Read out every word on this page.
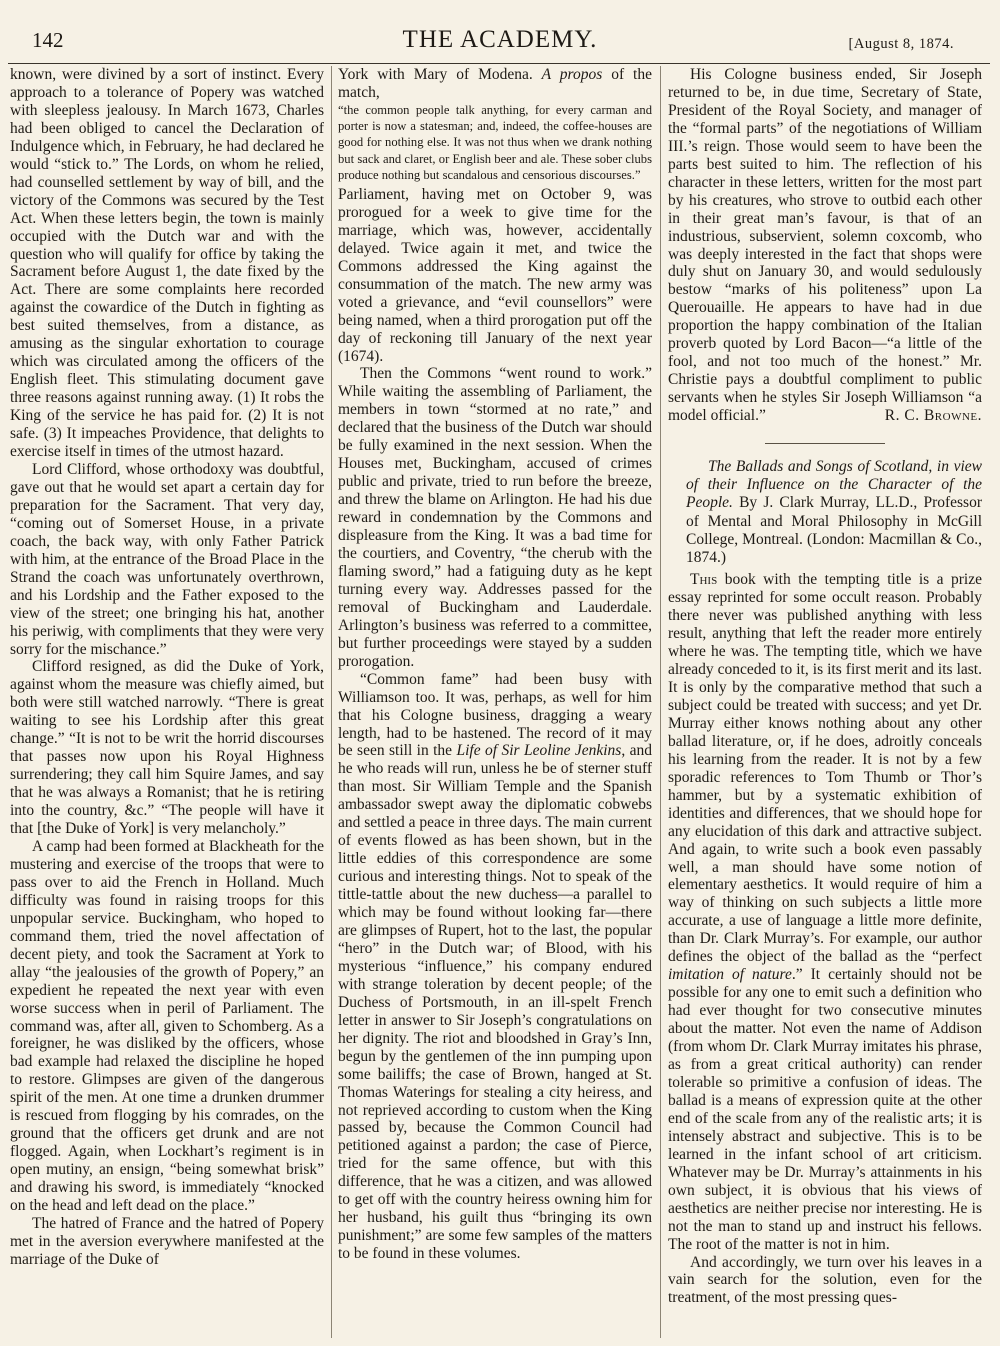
142	THE ACADEMY.	[August 8, 1874.

known, were divined by a sort of instinct. Every approach to a tolerance of Popery was watched with sleepless jealousy. In March 1673, Charles had been obliged to cancel the Declaration of Indulgence which, in February, he had declared he would “stick to.” The Lords, on whom he relied, had counselled settlement by way of bill, and the victory of the Commons was secured by the Test Act. When these letters begin, the town is mainly occupied with the Dutch war and with the question who will qualify for office by taking the Sacrament before August 1, the date fixed by the Act. There are some complaints here recorded against the cowardice of the Dutch in fighting as best suited themselves, from a distance, as amusing as the singular exhortation to courage which was circulated among the officers of the English fleet. This stimulating document gave three reasons against running away. (1) It robs the King of the service he has paid for. (2) It is not safe. (3) It impeaches Providence, that delights to exercise itself in times of the utmost hazard.

Lord Clifford, whose orthodoxy was doubtful, gave out that he would set apart a certain day for preparation for the Sacrament. That very day, “coming out of Somerset House, in a private coach, the back way, with only Father Patrick with him, at the entrance of the Broad Place in the Strand the coach was unfortunately overthrown, and his Lordship and the Father exposed to the view of the street; one bringing his hat, another his periwig, with compliments that they were very sorry for the mischance.”

Clifford resigned, as did the Duke of York, against whom the measure was chiefly aimed, but both were still watched narrowly. “There is great waiting to see his Lordship after this great change.” “It is not to be writ the horrid discourses that passes now upon his Royal Highness surrendering; they call him Squire James, and say that he was always a Romanist; that he is retiring into the country, &c.” “The people will have it that [the Duke of York] is very melancholy.”

A camp had been formed at Blackheath for the mustering and exercise of the troops that were to pass over to aid the French in Holland. Much difficulty was found in raising troops for this unpopular service. Buckingham, who hoped to command them, tried the novel affectation of decent piety, and took the Sacrament at York to allay “the jealousies of the growth of Popery,” an expedient he repeated the next year with even worse success when in peril of Parliament. The command was, after all, given to Schomberg. As a foreigner, he was disliked by the officers, whose bad example had relaxed the discipline he hoped to restore. Glimpses are given of the dangerous spirit of the men. At one time a drunken drummer is rescued from flogging by his comrades, on the ground that the officers get drunk and are not flogged. Again, when Lockhart’s regiment is in open mutiny, an ensign, “being somewhat brisk” and drawing his sword, is immediately “knocked on the head and left dead on the place.”

The hatred of France and the hatred of Popery met in the aversion everywhere manifested at the marriage of the Duke of

York with Mary of Modena. A propos of the match,

“the common people talk anything, for every carman and porter is now a statesman; and, indeed, the coffee-houses are good for nothing else. It was not thus when we drank nothing but sack and claret, or English beer and ale. These sober clubs produce nothing but scandalous and censorious discourses.”

Parliament, having met on October 9, was prorogued for a week to give time for the marriage, which was, however, accidentally delayed. Twice again it met, and twice the Commons addressed the King against the consummation of the match. The new army was voted a grievance, and “evil counsellors” were being named, when a third prorogation put off the day of reckoning till January of the next year (1674).

Then the Commons “went round to work.” While waiting the assembling of Parliament, the members in town “stormed at no rate,” and declared that the business of the Dutch war should be fully examined in the next session. When the Houses met, Buckingham, accused of crimes public and private, tried to run before the breeze, and threw the blame on Arlington. He had his due reward in condemnation by the Commons and displeasure from the King. It was a bad time for the courtiers, and Coventry, “the cherub with the flaming sword,” had a fatiguing duty as he kept turning every way. Addresses passed for the removal of Buckingham and Lauderdale. Arlington’s business was referred to a committee, but further proceedings were stayed by a sudden prorogation.

“Common fame” had been busy with Williamson too. It was, perhaps, as well for him that his Cologne business, dragging a weary length, had to be hastened. The record of it may be seen still in the Life of Sir Leoline Jenkins, and he who reads will run, unless he be of sterner stuff than most. Sir William Temple and the Spanish ambassador swept away the diplomatic cobwebs and settled a peace in three days. The main current of events flowed as has been shown, but in the little eddies of this correspondence are some curious and interesting things. Not to speak of the tittle-tattle about the new duchess—a parallel to which may be found without looking far—there are glimpses of Rupert, hot to the last, the popular “hero” in the Dutch war; of Blood, with his mysterious “influence,” his company endured with strange toleration by decent people; of the Duchess of Portsmouth, in an ill-spelt French letter in answer to Sir Joseph’s congratulations on her dignity. The riot and bloodshed in Gray’s Inn, begun by the gentlemen of the inn pumping upon some bailiffs; the case of Brown, hanged at St. Thomas Waterings for stealing a city heiress, and not reprieved according to custom when the King passed by, because the Common Council had petitioned against a pardon; the case of Pierce, tried for the same offence, but with this difference, that he was a citizen, and was allowed to get off with the country heiress owning him for her husband, his guilt thus “bringing its own punishment;” are some few samples of the matters to be found in these volumes.

His Cologne business ended, Sir Joseph returned to be, in due time, Secretary of State, President of the Royal Society, and manager of the “formal parts” of the negotiations of William III.’s reign. Those would seem to have been the parts best suited to him. The reflection of his character in these letters, written for the most part by his creatures, who strove to outbid each other in their great man’s favour, is that of an industrious, subservient, solemn coxcomb, who was deeply interested in the fact that shops were duly shut on January 30, and would sedulously bestow “marks of his politeness” upon La Querouaille. He appears to have had in due proportion the happy combination of the Italian proverb quoted by Lord Bacon—“a little of the fool, and not too much of the honest.” Mr. Christie pays a doubtful compliment to public servants when he styles Sir Joseph Williamson “a model official.”	R. C. Browne.

The Ballads and Songs of Scotland, in view of their Influence on the Character of the People. By J. Clark Murray, LL.D., Professor of Mental and Moral Philosophy in McGill College, Montreal. (London: Macmillan & Co., 1874.)

This book with the tempting title is a prize essay reprinted for some occult reason. Probably there never was published anything with less result, anything that left the reader more entirely where he was. The tempting title, which we have already conceded to it, is its first merit and its last. It is only by the comparative method that such a subject could be treated with success; and yet Dr. Murray either knows nothing about any other ballad literature, or, if he does, adroitly conceals his learning from the reader. It is not by a few sporadic references to Tom Thumb or Thor’s hammer, but by a systematic exhibition of identities and differences, that we should hope for any elucidation of this dark and attractive subject. And again, to write such a book even passably well, a man should have some notion of elementary aesthetics. It would require of him a way of thinking on such subjects a little more accurate, a use of language a little more definite, than Dr. Clark Murray’s. For example, our author defines the object of the ballad as the “perfect imitation of nature.” It certainly should not be possible for any one to emit such a definition who had ever thought for two consecutive minutes about the matter. Not even the name of Addison (from whom Dr. Clark Murray imitates his phrase, as from a great critical authority) can render tolerable so primitive a confusion of ideas. The ballad is a means of expression quite at the other end of the scale from any of the realistic arts; it is intensely abstract and subjective. This is to be learned in the infant school of art criticism. Whatever may be Dr. Murray’s attainments in his own subject, it is obvious that his views of aesthetics are neither precise nor interesting. He is not the man to stand up and instruct his fellows. The root of the matter is not in him.

And accordingly, we turn over his leaves in a vain search for the solution, even for the treatment, of the most pressing ques-
